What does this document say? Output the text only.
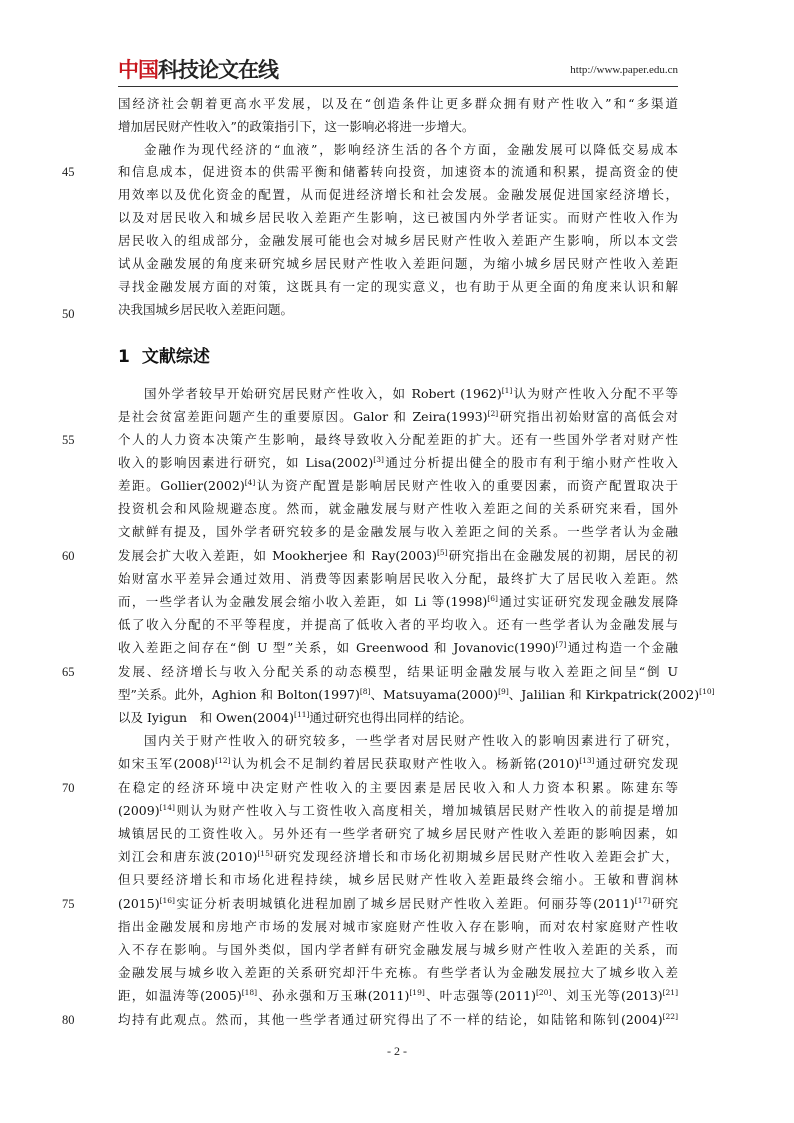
中国科技论文在线	http://www.paper.edu.cn
45
50
55
60
65
70
75
80
国经济社会朝着更高水平发展，以及在“创造条件让更多群众拥有财产性收入”和“多渠道
增加居民财产性收入”的政策指引下，这一影响必将进一步增大。
金融作为现代经济的“血液”，影响经济生活的各个方面，金融发展可以降低交易成本
和信息成本，促进资本的供需平衡和储蓄转向投资，加速资本的流通和积累，提高资金的使
用效率以及优化资金的配置，从而促进经济增长和社会发展。金融发展促进国家经济增长，
以及对居民收入和城乡居民收入差距产生影响，这已被国内外学者证实。而财产性收入作为
居民收入的组成部分，金融发展可能也会对城乡居民财产性收入差距产生影响，所以本文尝
试从金融发展的角度来研究城乡居民财产性收入差距问题，为缩小城乡居民财产性收入差距
寻找金融发展方面的对策，这既具有一定的现实意义，也有助于从更全面的角度来认识和解
决我国城乡居民收入差距问题。
1 文献综述
国外学者较早开始研究居民财产性收入，如 Robert (1962)[1]认为财产性收入分配不平等
是社会贫富差距问题产生的重要原因。Galor 和 Zeira(1993)[2]研究指出初始财富的高低会对
个人的人力资本决策产生影响，最终导致收入分配差距的扩大。还有一些国外学者对财产性
收入的影响因素进行研究，如 Lisa(2002)[3]通过分析提出健全的股市有利于缩小财产性收入
差距。Gollier(2002)[4]认为资产配置是影响居民财产性收入的重要因素，而资产配置取决于
投资机会和风险规避态度。然而，就金融发展与财产性收入差距之间的关系研究来看，国外
文献鲜有提及，国外学者研究较多的是金融发展与收入差距之间的关系。一些学者认为金融
发展会扩大收入差距，如 Mookherjee 和 Ray(2003)[5]研究指出在金融发展的初期，居民的初
始财富水平差异会通过效用、消费等因素影响居民收入分配，最终扩大了居民收入差距。然
而，一些学者认为金融发展会缩小收入差距，如 Li 等(1998)[6]通过实证研究发现金融发展降
低了收入分配的不平等程度，并提高了低收入者的平均收入。还有一些学者认为金融发展与
收入差距之间存在“倒 U 型”关系，如 Greenwood 和 Jovanovic(1990)[7]通过构造一个金融
发展、经济增长与收入分配关系的动态模型，结果证明金融发展与收入差距之间呈“倒 U
型”关系。此外，Aghion 和 Bolton(1997)[8]、Matsuyama(2000)[9]、Jalilian 和 Kirkpatrick(2002)[10]
以及 Iyigun　和 Owen(2004)[11]通过研究也得出同样的结论。
国内关于财产性收入的研究较多，一些学者对居民财产性收入的影响因素进行了研究，
如宋玉军(2008)[12]认为机会不足制约着居民获取财产性收入。杨新铭(2010)[13]通过研究发现
在稳定的经济环境中决定财产性收入的主要因素是居民收入和人力资本积累。陈建东等
(2009)[14]则认为财产性收入与工资性收入高度相关，增加城镇居民财产性收入的前提是增加
城镇居民的工资性收入。另外还有一些学者研究了城乡居民财产性收入差距的影响因素，如
刘江会和唐东波(2010)[15]研究发现经济增长和市场化初期城乡居民财产性收入差距会扩大，
但只要经济增长和市场化进程持续，城乡居民财产性收入差距最终会缩小。王敏和曹润林
(2015)[16]实证分析表明城镇化进程加剧了城乡居民财产性收入差距。何丽芬等(2011)[17]研究
指出金融发展和房地产市场的发展对城市家庭财产性收入存在影响，而对农村家庭财产性收
入不存在影响。与国外类似，国内学者鲜有研究金融发展与城乡财产性收入差距的关系，而
金融发展与城乡收入差距的关系研究却汗牛充栋。有些学者认为金融发展拉大了城乡收入差
距，如温涛等(2005)[18]、孙永强和万玉琳(2011)[19]、叶志强等(2011)[20]、刘玉光等(2013)[21]
均持有此观点。然而，其他一些学者通过研究得出了不一样的结论，如陆铭和陈钊(2004)[22]
- 2 -
